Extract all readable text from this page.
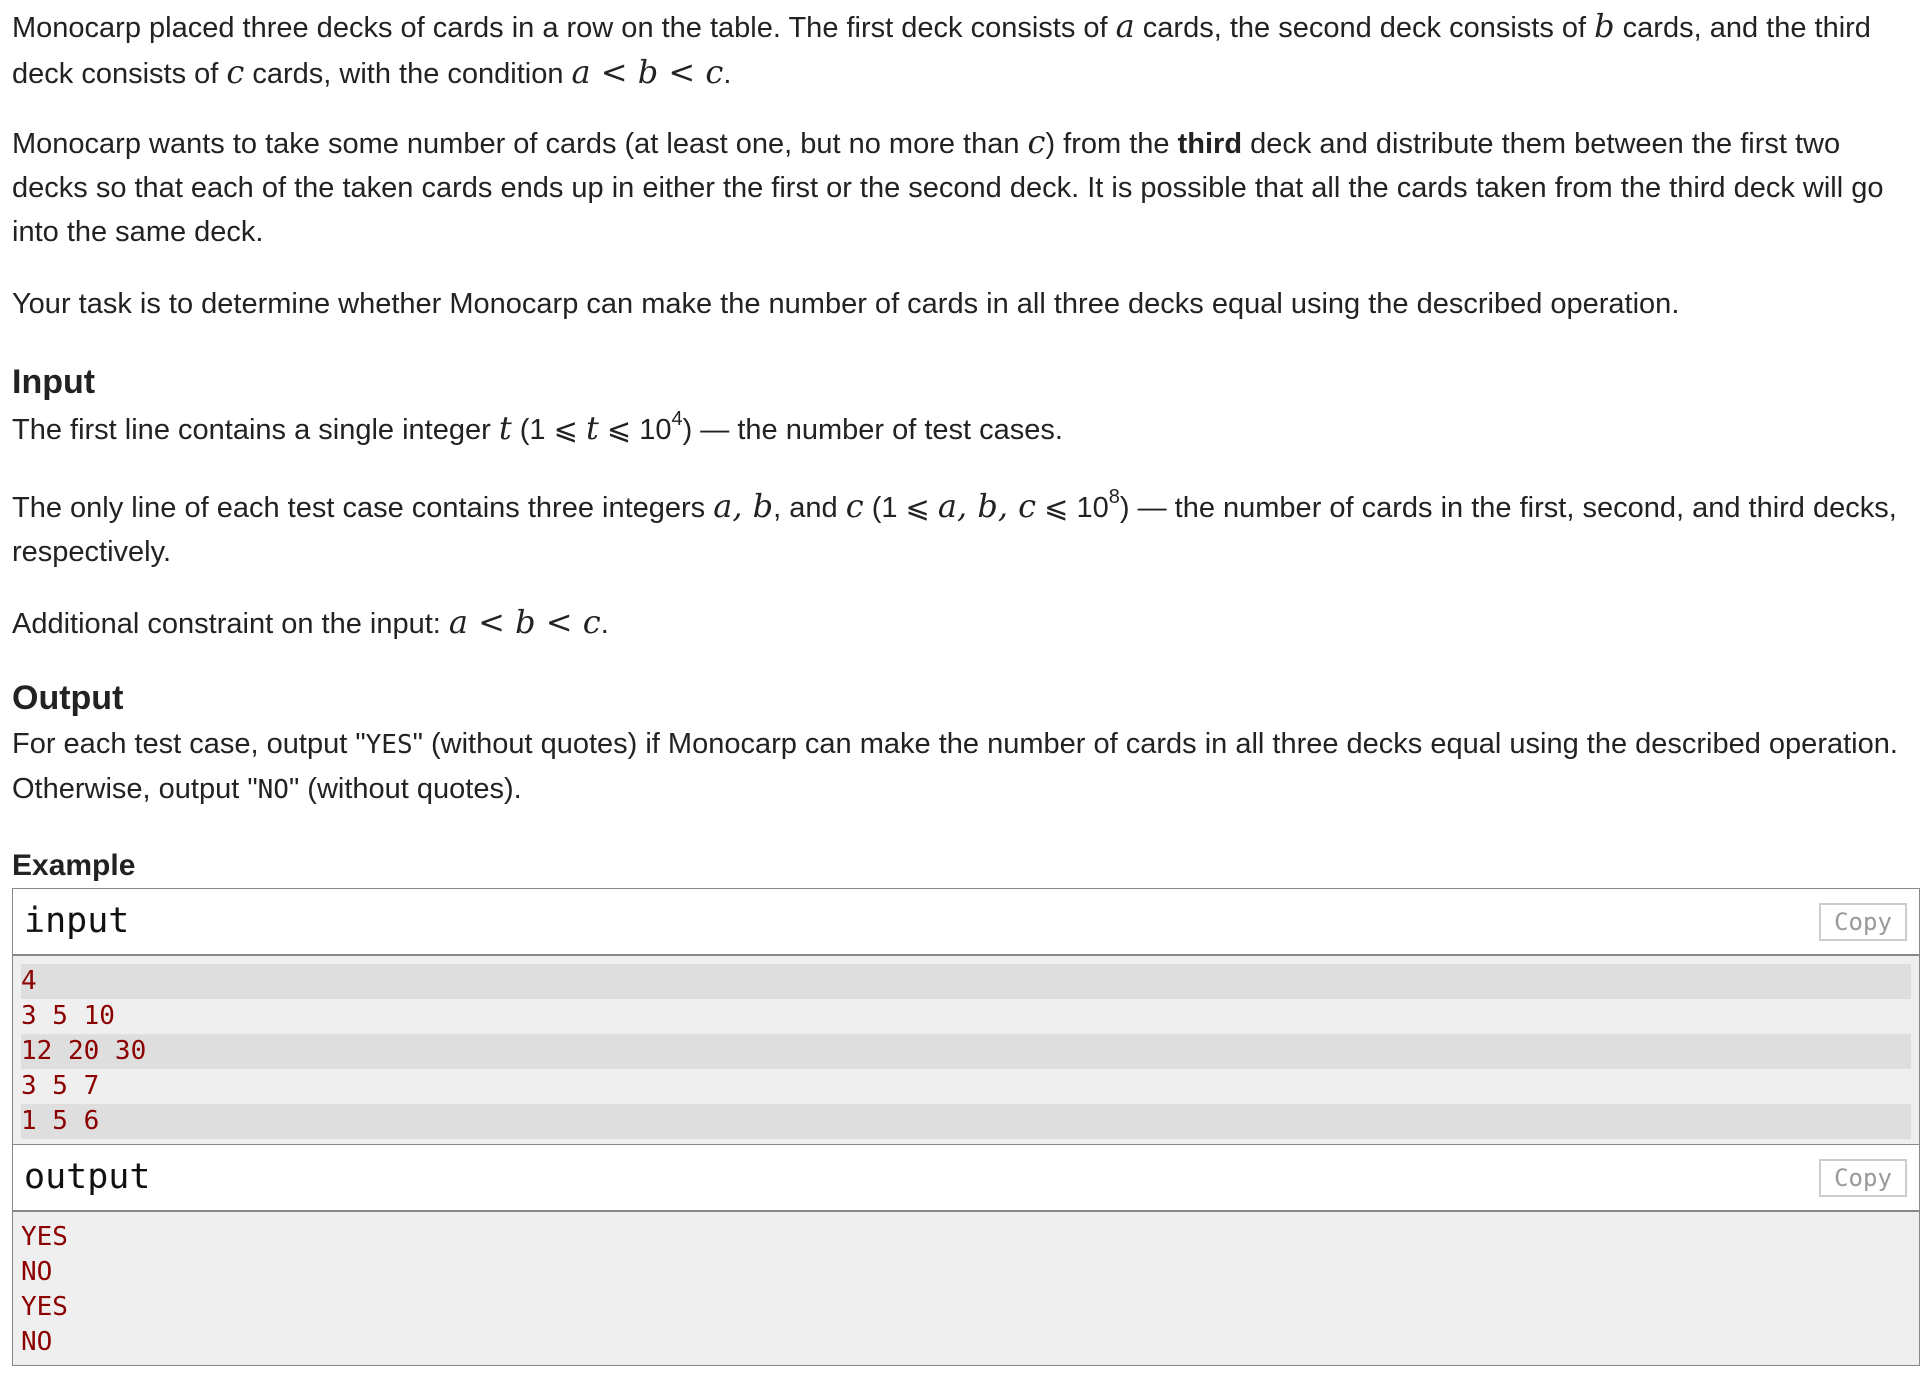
Monocarp placed three decks of cards in a row on the table. The first deck consists of a cards, the second deck consists of b cards, and the third deck consists of c cards, with the condition a < b < c.

Monocarp wants to take some number of cards (at least one, but no more than c) from the third deck and distribute them between the first two decks so that each of the taken cards ends up in either the first or the second deck. It is possible that all the cards taken from the third deck will go into the same deck.

Your task is to determine whether Monocarp can make the number of cards in all three decks equal using the described operation.

Input

The first line contains a single integer t (1 ⩽ t ⩽ $10^4$) — the number of test cases.

The only line of each test case contains three integers a, b, and c (1 ⩽ a, b, c ⩽ $10^8$) — the number of cards in the first, second, and third decks, respectively.

Additional constraint on the input: a < b < c.

Output

For each test case, output "YES" (without quotes) if Monocarp can make the number of cards in all three decks equal using the described operation. Otherwise, output "NO" (without quotes).

Example
input	Copy
4
3 5 10
12 20 30
3 5 7
1 5 6
output	Copy
YES
NO
YES
NO
